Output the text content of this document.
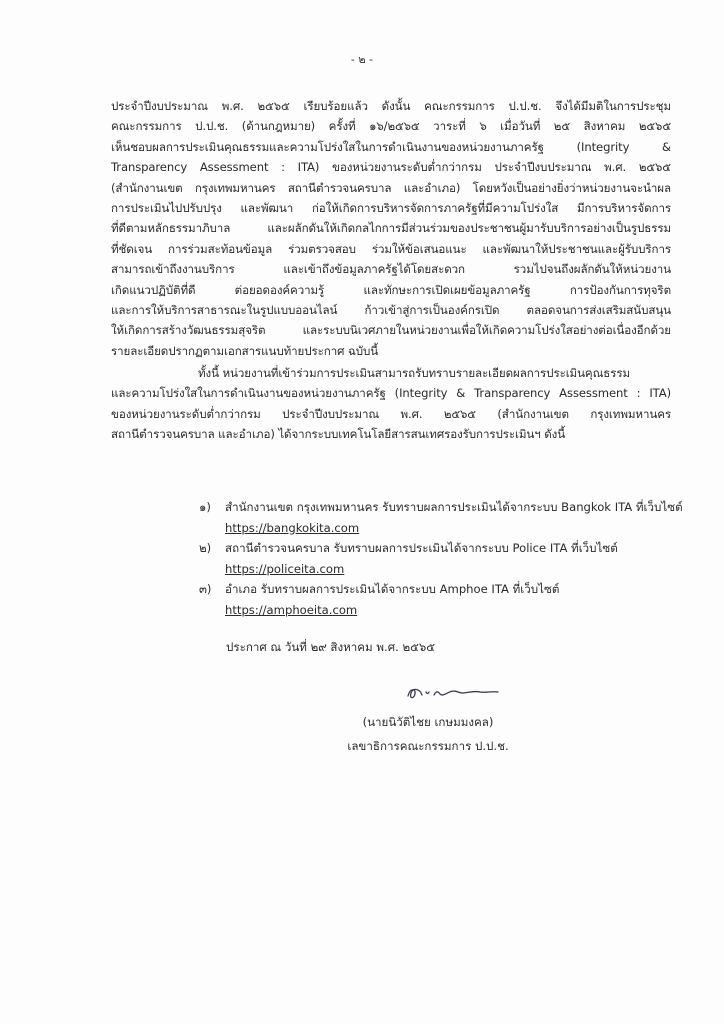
- ๒ -
ประจำปีงบประมาณ พ.ศ. ๒๕๖๕ เรียบร้อยแล้ว ดังนั้น คณะกรรมการ ป.ป.ช. จึงได้มีมติในการประชุม
คณะกรรมการ ป.ป.ช. (ด้านกฎหมาย) ครั้งที่ ๑๖/๒๕๖๕ วาระที่ ๖ เมื่อวันที่ ๒๕ สิงหาคม ๒๕๖๕
เห็นชอบผลการประเมินคุณธรรมและความโปร่งใสในการดำเนินงานของหน่วยงานภาครัฐ (Integrity &
Transparency Assessment : ITA) ของหน่วยงานระดับต่ำกว่ากรม ประจำปีงบประมาณ พ.ศ. ๒๕๖๕
(สำนักงานเขต กรุงเทพมหานคร สถานีตำรวจนครบาล และอำเภอ) โดยหวังเป็นอย่างยิ่งว่าหน่วยงานจะนำผล
การประเมินไปปรับปรุง และพัฒนา ก่อให้เกิดการบริหารจัดการภาครัฐที่มีความโปร่งใส มีการบริหารจัดการ
ที่ดีตามหลักธรรมาภิบาล และผลักดันให้เกิดกลไกการมีส่วนร่วมของประชาชนผู้มารับบริการอย่างเป็นรูปธรรม
ที่ชัดเจน การร่วมสะท้อนข้อมูล ร่วมตรวจสอบ ร่วมให้ข้อเสนอแนะ และพัฒนาให้ประชาชนและผู้รับบริการ
สามารถเข้าถึงงานบริการ และเข้าถึงข้อมูลภาครัฐได้โดยสะดวก รวมไปจนถึงผลักดันให้หน่วยงาน
เกิดแนวปฏิบัติที่ดี ต่อยอดองค์ความรู้ และทักษะการเปิดเผยข้อมูลภาครัฐ การป้องกันการทุจริต
และการให้บริการสาธารณะในรูปแบบออนไลน์ ก้าวเข้าสู่การเป็นองค์กรเปิด ตลอดจนการส่งเสริมสนับสนุน
ให้เกิดการสร้างวัฒนธรรมสุจริต และระบบนิเวศภายในหน่วยงานเพื่อให้เกิดความโปร่งใสอย่างต่อเนื่องอีกด้วย
รายละเอียดปรากฏตามเอกสารแนบท้ายประกาศ ฉบับนี้
ทั้งนี้ หน่วยงานที่เข้าร่วมการประเมินสามารถรับทราบรายละเอียดผลการประเมินคุณธรรม
และความโปร่งใสในการดำเนินงานของหน่วยงานภาครัฐ (Integrity & Transparency Assessment : ITA)
ของหน่วยงานระดับต่ำกว่ากรม ประจำปีงบประมาณ พ.ศ. ๒๕๖๕ (สำนักงานเขต กรุงเทพมหานคร
สถานีตำรวจนครบาล และอำเภอ) ได้จากระบบเทคโนโลยีสารสนเทศรองรับการประเมินฯ ดังนี้
๑) สำนักงานเขต กรุงเทพมหานคร รับทราบผลการประเมินได้จากระบบ Bangkok ITA ที่เว็บไซต์
https://bangkokita.com
๒) สถานีตำรวจนครบาล รับทราบผลการประเมินได้จากระบบ Police ITA ที่เว็บไซต์
https://policeita.com
๓) อำเภอ รับทราบผลการประเมินได้จากระบบ Amphoe ITA ที่เว็บไซต์
https://amphoeita.com
ประกาศ ณ วันที่ ๒๙ สิงหาคม พ.ศ. ๒๕๖๕
(นายนิวัติไชย เกษมมงคล)
เลขาธิการคณะกรรมการ ป.ป.ช.
